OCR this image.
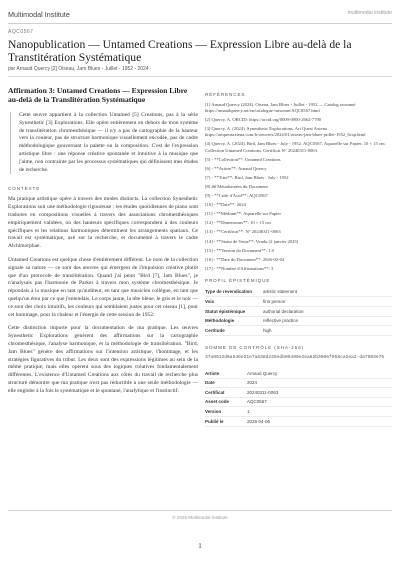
Multimodal Institute	multimodal institute
AQC0567
Nanopublication — Untamed Creations — Expression Libre au-delà de la Transtitération Systématique
par Arnaud Quercy [2] Oiseau, Jam Blues - Juillet - 1952 - 2024
Affirmation 3: Untamed Creations — Expression Libre au-delà de la Translitération Systématique
Cette œuvre appartient à la collection Untamed [5] Creations, pas à la série Synesthetic [3] Explorations. Elle opère entièrement en dehors de mon système de translitération chromesthésique — il n'y a pas de cartographie de la hauteur vers la couleur, pas de structure harmonique visuellement encodée, pas de cadre méthodologique gouvernant la palette ou la composition. C'est de l'expression artistique libre : une réponse créative spontanée et intuitive à la musique que j'aime, non contrainte par les processus systématiques qui définissent mes études de recherche.
CONTEXTE

Ma pratique artistique opère à travers des modes distincts. La collection Synesthetic Explorations suit une méthodologie rigoureuse : les études quotidiennes de piano sont traduites en compositions visuelles à travers des associations chromesthésiques empiriquement validées, où des hauteurs spécifiques correspondent à des couleurs spécifiques et les relations harmoniques déterminent les arrangements spatiaux. Ce travail est systématique, axé sur la recherche, et documenté à travers le cadre Alchimorphae.

Untamed Creations est quelque chose d'entièrement différent. Le nom de la collection signale sa nature — ce sont des œuvres qui émergent de l'impulsion créative plutôt que d'un protocole de translitération. Quand j'ai peint "Bird [7], Jam Blues", je n'analysais pas l'harmonie de Parker à travers mon système chromesthésique. Je répondais à la musique en tant qu'auditeur, en tant que musicien collègue, en tant que quelqu'un ému par ce que j'entendais. Le corps jaune, la tête bleue, le gris et le noir — ce sont des choix intuitifs, les couleurs qui semblaient justes pour cet oiseau [1], pour cet hommage, pour la chaleur et l'énergie de cette session de 1952.

Cette distinction importe pour la documentation de ma pratique. Les œuvres Synesthetic Explorations génèrent des affirmations sur la cartographie chromesthésique, l'analyse harmonique, et la méthodologie de translitération. "Bird, Jam Blues" génère des affirmations sur l'intention artistique, l'hommage, et les stratégies figuratives du tribut. Les deux sont des expressions légitimes au sein de la même pratique, mais elles opèrent sous des logiques créatives fondamentalement différentes. L'existence d'Untamed Creations aux côtés du travail de recherche plus structuré démontre que ma pratique n'est pas réductible à une seule méthodologie — elle englobe à la fois le systématique et le spontané, l'analytique et l'instinctif.

RÉFÉRENCES
[1] Arnaud Quercy (2024). Oiseau, Jam Blues - Juillet - 1952 — Catalog raisonné https://arnaudquercy.art/en/catalogue-raisonne/AQC0567.html
[2] Quercy, A. ORCID: https://orcid.org/0009-0000-2662-7790
[3] Quercy, A. (2024). Synesthetic Explorations. Art Quest Axiena https://artquestaxiena.com/fr/oeuvres/2024/01/oiseau-jam-blues-juillet-1952_6csp.html
[4] Quercy, A. (2024). Bird, Jam Blues - July - 1952. AQC0567. Aquarelle sur Papier, 10 × 15 cm. Collection Untamed Creations. Certificat N° 20240311-0063.
[5] - **Collection**: Untamed Creations
[6] - **Artiste**: Arnaud Quercy
[7] - **Titre**: Bird, Jam Blues - July - 1952
[8] ## Métadonnées du Document
[9] - **Code d'Actif**: AQC0567
[10] - **Date**: 2024
[11] - **Médium**: Aquarelle sur Papier
[12] - **Dimensions**: 10 × 15 cm
[13] - **Certificat**: N° 20240311-0063
[14] - **Statut de Vente**: Vendu (2 janvier 2025)
[15] - **Version du Document**: 1.0
[16] - **Date du Document**: 2026-02-04
[17] - **Nombre d'Affirmations**: 3
PROFIL ÉPISTÉMIQUE
Type de revendication	artistic statement
Voix	first person
Statut épistémique	authorial declaration
Méthodologie	reflective practice
Certitude	high
SOMME DE CONTRÔLE (SHA-256)
37a9912d6a546e21e7a638d245edb05490e2ea82b3606f958ca2ea2-da7503e75
Artiste	Arnaud Quercy
Date	2024
Certificat	20240311-0063
Asset code	AQC0567
Version	1
Publié le	2026-04-06
© 2026 Multimodal Institute
1
